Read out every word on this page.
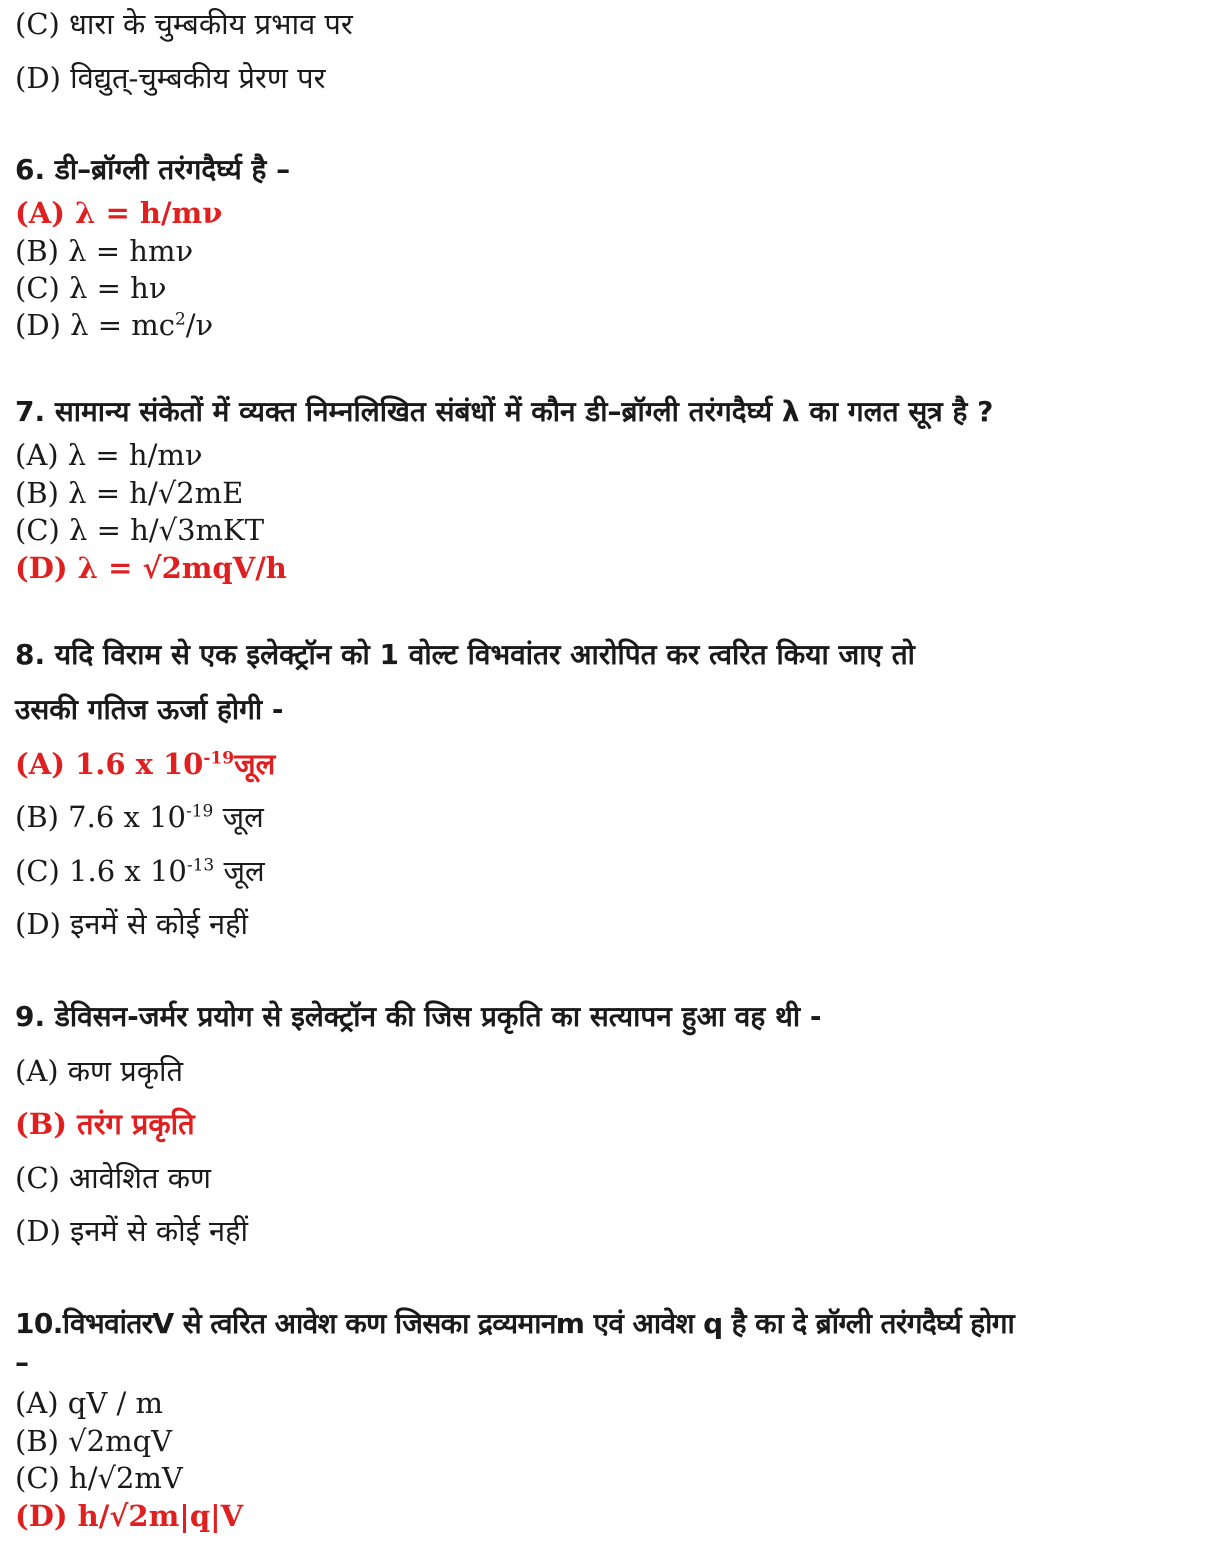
(C) धारा के चुम्बकीय प्रभाव पर
(D) विद्युत्-चुम्बकीय प्रेरण पर
6. डी–ब्रॉग्ली तरंगदैर्घ्य है –
(A) λ = h/mν
(B) λ = hmν
(C) λ = hν
(D) $\lambda = mc^2/\nu$
7. सामान्य संकेतों में व्यक्त निम्नलिखित संबंधों में कौन डी–ब्रॉग्ली तरंगदैर्घ्य λ का गलत सूत्र है ?
(A) λ = h/mν
(B) λ = h/√2mE
(C) λ = h/√3mKT
(D) λ = √2mqV/h
8. यदि विराम से एक इलेक्ट्रॉन को 1 वोल्ट विभवांतर आरोपित कर त्वरित किया जाए तो
उसकी गतिज ऊर्जा होगी -
(A) 1.6 x $10^{-19}जूल$
(B) 7.6 x $10^{-19}$ जूल
(C) 1.6 x $10^{-13}$ जूल
(D) इनमें से कोई नहीं
9. डेविसन-जर्मर प्रयोग से इलेक्ट्रॉन की जिस प्रकृति का सत्यापन हुआ वह थी -
(A) कण प्रकृति
(B) तरंग प्रकृति
(C) आवेशित कण
(D) इनमें से कोई नहीं
10.विभवांतरV से त्वरित आवेश कण जिसका द्रव्यमानm एवं आवेश q है का दे ब्रॉग्ली तरंगदैर्घ्य होगा
–
(A) qV / m
(B) √2mqV
(C) h/√2mV
(D) h/√2m|q|V
